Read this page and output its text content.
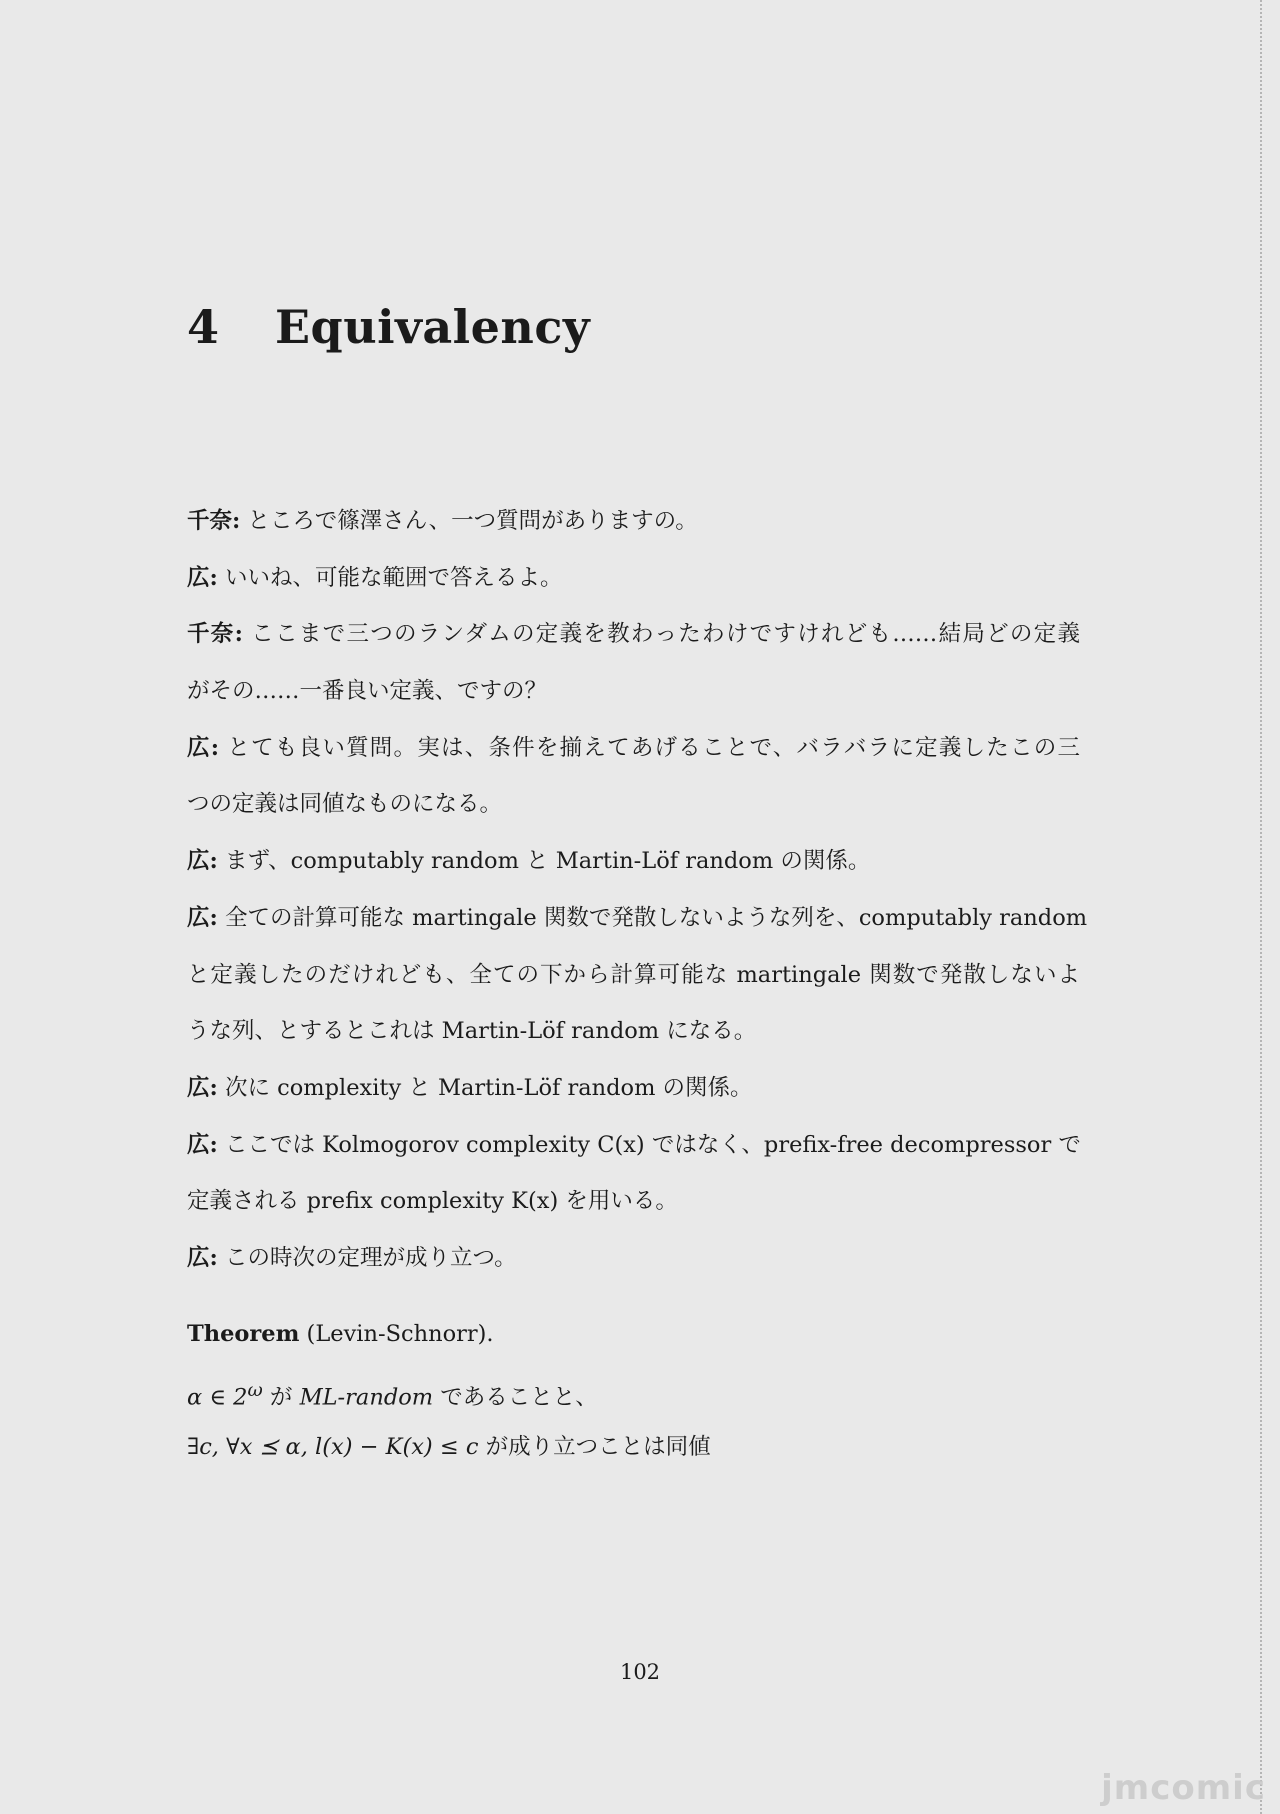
4 Equivalency
千奈: ところで篠澤さん、一つ質問がありますの。
広: いいね、可能な範囲で答えるよ。
千奈: ここまで三つのランダムの定義を教わったわけですけれども……結局どの定義
がその……一番良い定義、ですの？
広: とても良い質問。実は、条件を揃えてあげることで、バラバラに定義したこの三
つの定義は同値なものになる。
広: まず、computably random と Martin-Löf random の関係。
広: 全ての計算可能な martingale 関数で発散しないような列を、computably random
と定義したのだけれども、全ての下から計算可能な martingale 関数で発散しないよ
うな列、とするとこれは Martin-Löf random になる。
広: 次に complexity と Martin-Löf random の関係。
広: ここでは Kolmogorov complexity C(x) ではなく、prefix-free decompressor で
定義される prefix complexity K(x) を用いる。
広: この時次の定理が成り立つ。
Theorem (Levin-Schnorr).
α ∈ $2^\omega$ が ML-random であることと、
∃c, ∀x ⪯ α, l(x) − K(x) ≤ c が成り立つことは同値
102
jmcomic
